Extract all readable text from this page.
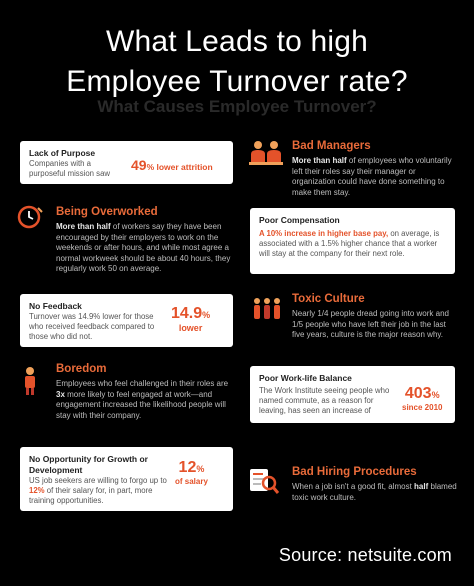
What Leads to high
Employee Turnover rate?
What Causes Employee Turnover?
Lack of Purpose
Companies with a purposeful mission saw
49% lower attrition
Bad Managers
More than half of employees who voluntarily left their roles say their manager or organization could have done something to make them stay.
Being Overworked
More than half of workers say they have been encouraged by their employers to work on the weekends or after hours, and while most agree a normal workweek should be about 40 hours, they regularly work 50 on average.
Poor Compensation
A 10% increase in higher base pay, on average, is associated with a 1.5% higher chance that a worker will stay at the company for their next role.
No Feedback
Turnover was 14.9% lower for those who received feedback compared to those who did not.
14.9%
lower
Toxic Culture
Nearly 1/4 people dread going into work and 1/5 people who have left their job in the last five years, culture is the major reason why.
Boredom
Employees who feel challenged in their roles are 3x more likely to feel engaged at work—and engagement increased the likelihood people will stay with their company.
Poor Work-life Balance
The Work Institute seeing people who named commute, as a reason for leaving, has seen an increase of
403%
since 2010
No Opportunity for Growth or Development
US job seekers are willing to forgo up to 12% of their salary for, in part, more training opportunities.
12%
of salary
Bad Hiring Procedures
When a job isn't a good fit, almost half blamed toxic work culture.
Source: netsuite.com
